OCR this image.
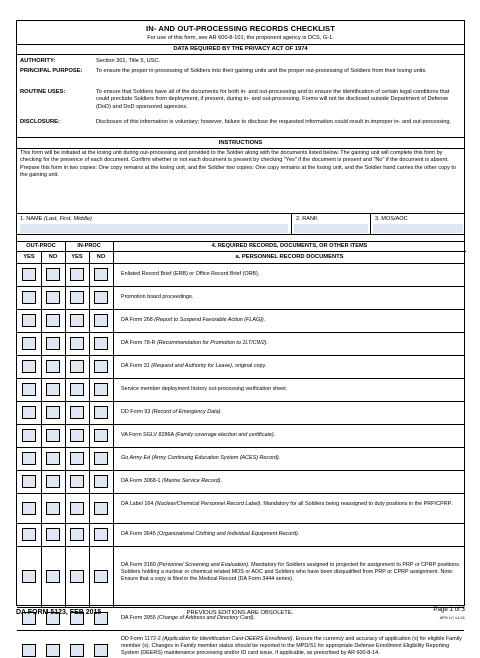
IN- AND OUT-PROCESSING RECORDS CHECKLIST
For use of this form, see AR 600-8-101; the proponent agency is DCS, G-1.
DATA REQUIRED BY THE PRIVACY ACT OF 1974
AUTHORITY:	Section 301, Title 5, USC.
PRINCIPAL PURPOSE: To ensure the proper in-processing of Soldiers into their gaining units and the proper out-processing of Soldiers from their losing units.
ROUTINE USES:	To ensure that Soldiers have all of the documents for both in- and out-processing and to ensure the identification of certain legal conditions that could preclude Soldiers from deployment, if present, during in- and out-processing. Forms will not be disclosed outside Department of Defense (DoD) and DoD sponsored agencies.
DISCLOSURE:	Disclosure of this information is voluntary; however, failure to disclose the requested information could result in improper in- and out-processing.
INSTRUCTIONS
This form will be initiated at the losing unit during out-processing and provided to the Soldier along with the documents listed below. The gaining unit will complete this form by checking for the presence of each document. Confirm whether or not each document is present by checking "Yes" if the document is present and "No" if the document is absent. Prepare this form in two copies: One copy remains at the losing unit, and the Soldier two copies: One copy remains at the losing unit, and the Soldier hand carries the other copy to the gaining unit.
1. NAME (Last, First, Middle)	2. RANK	3. MOS/AOC
OUT-PROC	IN-PROC	4. REQUIRED RECORDS, DOCUMENTS, OR OTHER ITEMS
YES	NO	YES	NO	a. PERSONNEL RECORD DOCUMENTS
Enlisted Record Brief (ERB) or Office Record Brief (ORB).
Promotion board proceedings.
DA Form 268 (Report to Suspend Favorable Action (FLAG)).
DA Form 78-R (Recommendation for Promotion to 1LT/CW2).
DA Form 31 (Request and Authority for Leave), original copy.
Service member deployment history out-processing verification sheet.
DD Form 93 (Record of Emergency Data).
VA Form SGLV 8286A (Family coverage election and certificate).
Go Army Ed (Army Continuing Education System (ACES) Record).
DA Form 3068-1 (Marine Service Record).
DA Label 164 (Nuclear/Chemical Personnel Record Label). Mandatory for all Soldiers being reassigned to duty positions in the PRP/CPRP.
DA Form 3645 (Organizational Clothing and Individual Equipment Record).
DA Form 3180 (Personnel Screening and Evaluation). Mandatory for Soldiers assigned to projected for assignment to PRP or CPRP positions. Soldiers holding a nuclear or chemical related MOS or AOC and Soldiers who have been disqualified from PRP or CPRP assignment. Note: Ensure that a copy is filed in the Medical Record (DA Form 3444 series).
DA Form 3955 (Change of Address and Directory Card).
DD Form 1172-2 (Application for Identification Card-DEERS Enrollment). Ensure the currency and accuracy of application (s) for eligible Family member (s). Changes in Family member status should be reported to the MPD/S1 for appropriate Defense Enrollment Eligibility Reporting System (DEERS) maintenance processing and/or ID card issue, if applicable, as prescribed by AR 600-8-14.
DA FORM 5123, FEB 2015	PREVIOUS EDITIONS ARE OBSOLETE.	Page 1 of 3
APD LC v1.01
